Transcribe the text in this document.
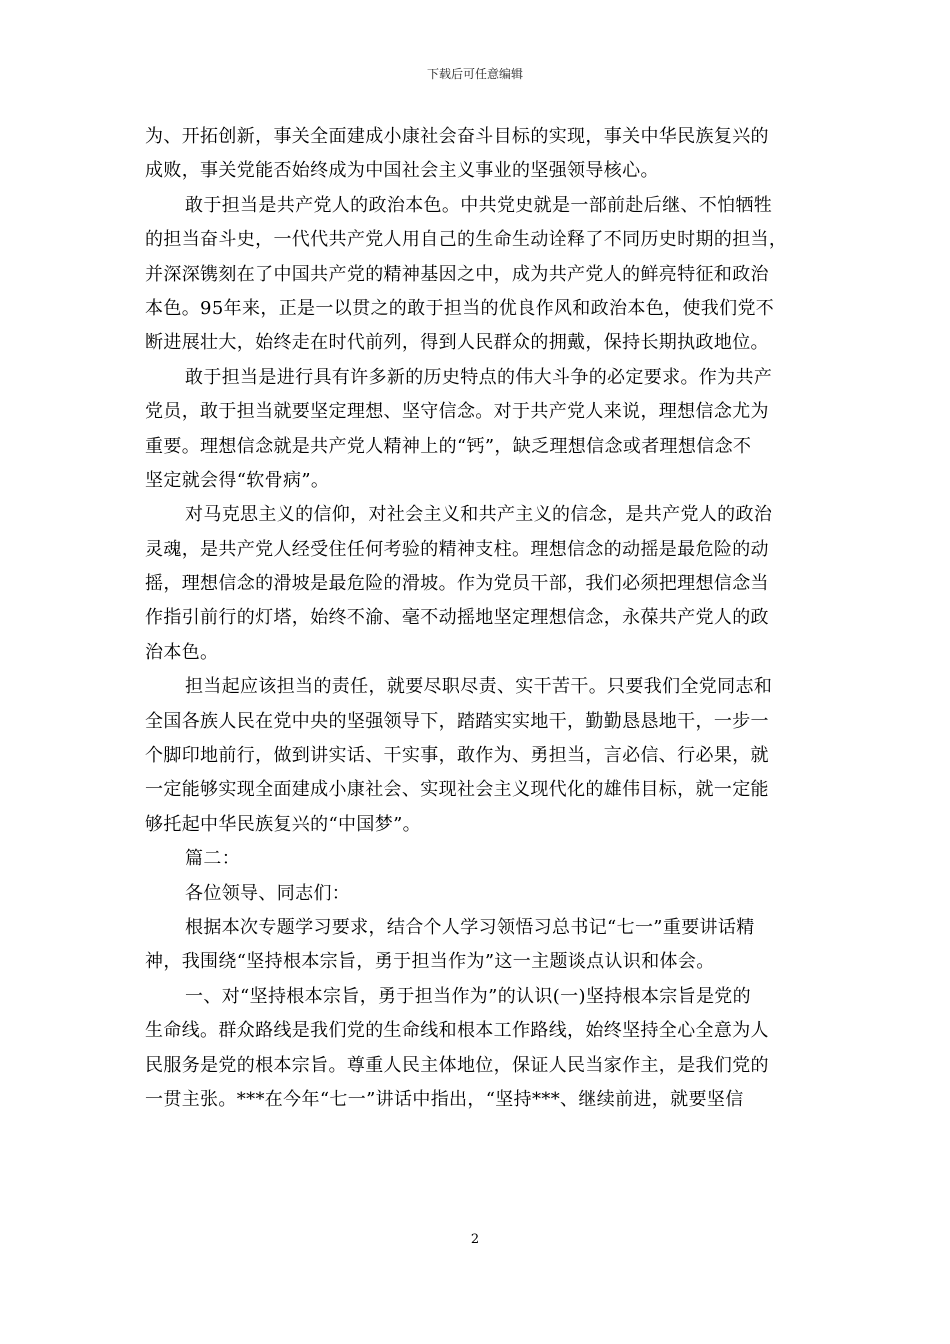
下载后可任意编辑
为、开拓创新，事关全面建成小康社会奋斗目标的实现，事关中华民族复兴的
成败，事关党能否始终成为中国社会主义事业的坚强领导核心。
敢于担当是共产党人的政治本色。中共党史就是一部前赴后继、不怕牺牲
的担当奋斗史，一代代共产党人用自己的生命生动诠释了不同历史时期的担当，
并深深镌刻在了中国共产党的精神基因之中，成为共产党人的鲜亮特征和政治
本色。95年来，正是一以贯之的敢于担当的优良作风和政治本色，使我们党不
断进展壮大，始终走在时代前列，得到人民群众的拥戴，保持长期执政地位。
敢于担当是进行具有许多新的历史特点的伟大斗争的必定要求。作为共产
党员，敢于担当就要坚定理想、坚守信念。对于共产党人来说，理想信念尤为
重要。理想信念就是共产党人精神上的“钙”，缺乏理想信念或者理想信念不
坚定就会得“软骨病”。
对马克思主义的信仰，对社会主义和共产主义的信念，是共产党人的政治
灵魂，是共产党人经受住任何考验的精神支柱。理想信念的动摇是最危险的动
摇，理想信念的滑坡是最危险的滑坡。作为党员干部，我们必须把理想信念当
作指引前行的灯塔，始终不渝、毫不动摇地坚定理想信念，永葆共产党人的政
治本色。
担当起应该担当的责任，就要尽职尽责、实干苦干。只要我们全党同志和
全国各族人民在党中央的坚强领导下，踏踏实实地干，勤勤恳恳地干，一步一
个脚印地前行，做到讲实话、干实事，敢作为、勇担当，言必信、行必果，就
一定能够实现全面建成小康社会、实现社会主义现代化的雄伟目标，就一定能
够托起中华民族复兴的“中国梦”。
篇二：
各位领导、同志们：
根据本次专题学习要求，结合个人学习领悟习总书记“七一”重要讲话精
神，我围绕“坚持根本宗旨，勇于担当作为”这一主题谈点认识和体会。
一、对“坚持根本宗旨，勇于担当作为”的认识(一)坚持根本宗旨是党的
生命线。群众路线是我们党的生命线和根本工作路线，始终坚持全心全意为人
民服务是党的根本宗旨。尊重人民主体地位，保证人民当家作主，是我们党的
一贯主张。***在今年“七一”讲话中指出，“坚持***、继续前进，就要坚信
2
